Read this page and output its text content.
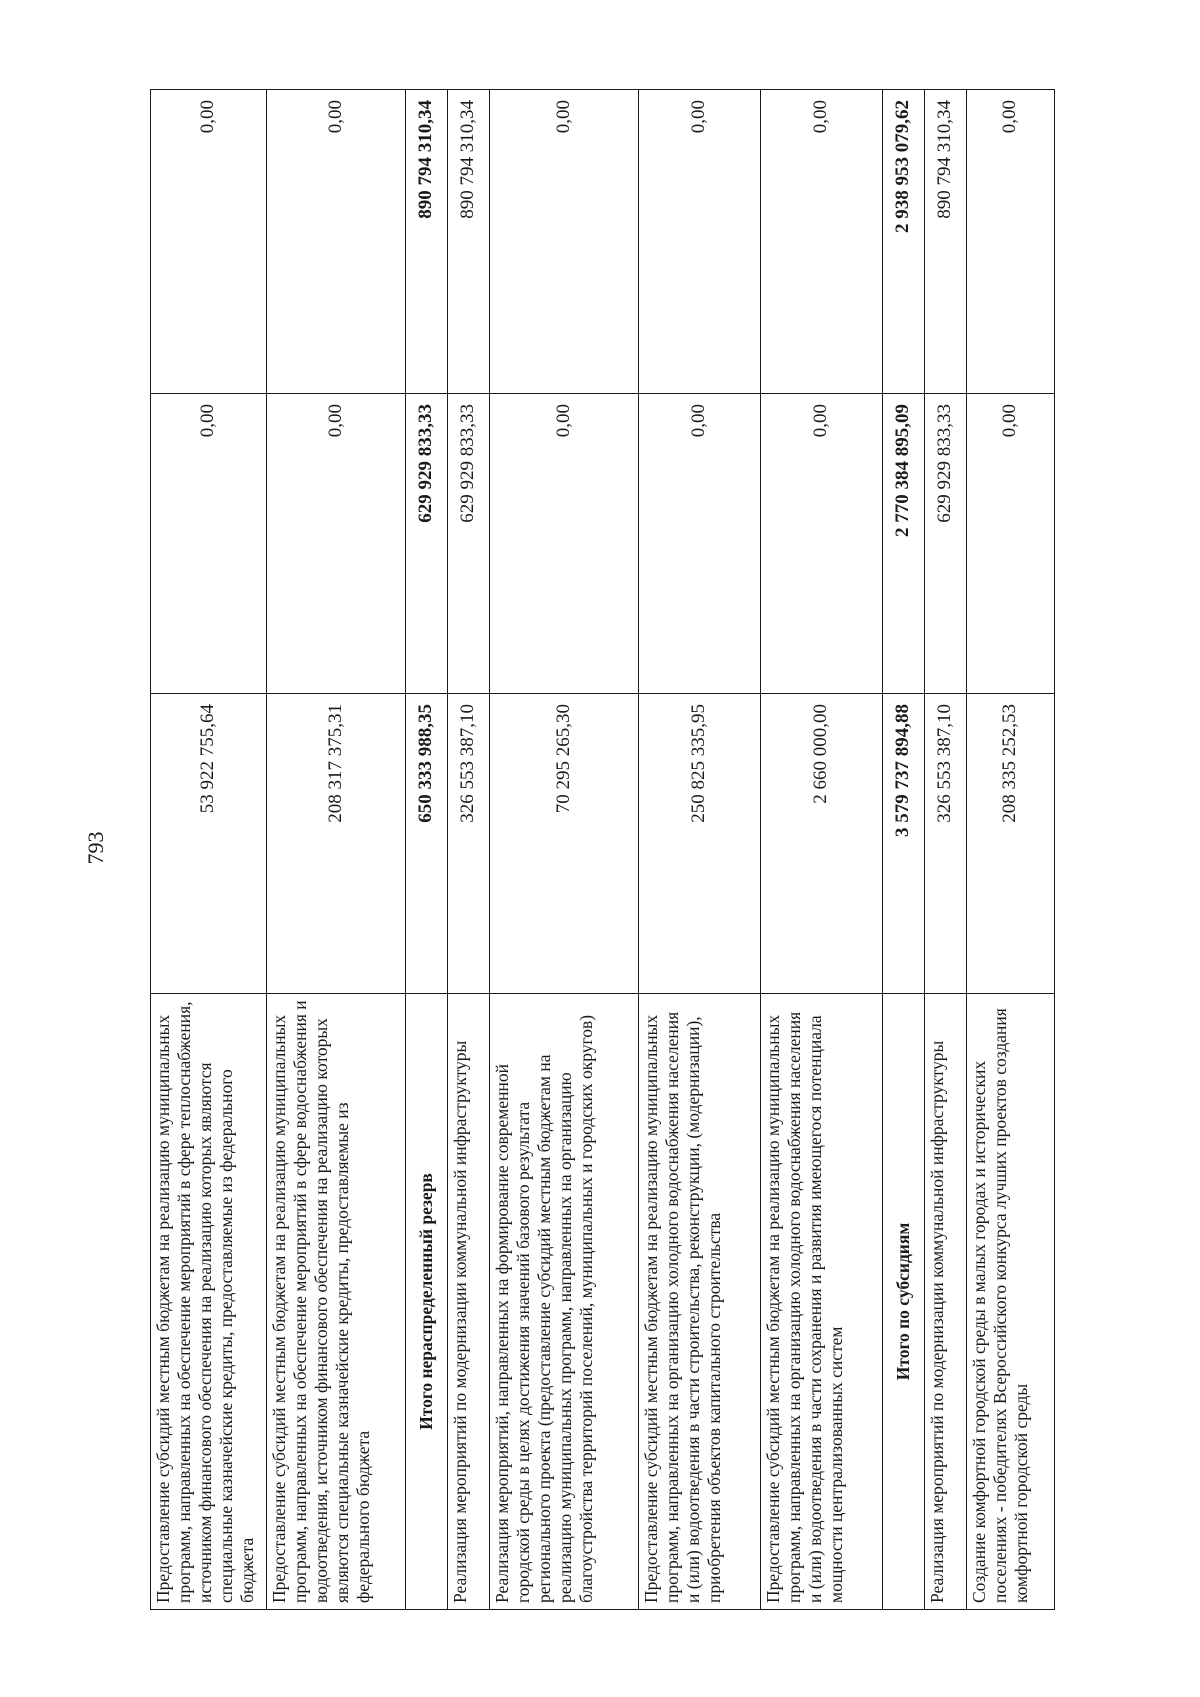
793
Предоставление субсидий местным бюджетам на реализацию муниципальных программ, направленных на обеспечение мероприятий в сфере теплоснабжения, источником финансового обеспечения на реализацию которых являются специальные казначейские кредиты, предоставляемые из федерального бюджета	53 922 755,64	0,00	0,00
Предоставление субсидий местным бюджетам на реализацию муниципальных программ, направленных на обеспечение мероприятий в сфере водоснабжения и водоотведения, источником финансового обеспечения на реализацию которых являются специальные казначейские кредиты, предоставляемые из федерального бюджета	208 317 375,31	0,00	0,00
Итого нераспределенный резерв	650 333 988,35	629 929 833,33	890 794 310,34
Реализация мероприятий по модернизации коммунальной инфраструктуры	326 553 387,10	629 929 833,33	890 794 310,34
Реализация мероприятий, направленных на формирование современной городской среды в целях достижения значений базового результата регионального проекта (предоставление субсидий местным бюджетам на реализацию муниципальных программ, направленных на организацию благоустройства территорий поселений, муниципальных и городских округов)	70 295 265,30	0,00	0,00
Предоставление субсидий местным бюджетам на реализацию муниципальных программ, направленных на организацию холодного водоснабжения населения и (или) водоотведения в части строительства, реконструкции, (модернизации), приобретения объектов капитального строительства	250 825 335,95	0,00	0,00
Предоставление субсидий местным бюджетам на реализацию муниципальных программ, направленных на организацию холодного водоснабжения населения и (или) водоотведения в части сохранения и развития имеющегося потенциала мощности централизованных систем	2 660 000,00	0,00	0,00
Итого по субсидиям	3 579 737 894,88	2 770 384 895,09	2 938 953 079,62
Реализация мероприятий по модернизации коммунальной инфраструктуры	326 553 387,10	629 929 833,33	890 794 310,34
Создание комфортной городской среды в малых городах и исторических поселениях - победителях Всероссийского конкурса лучших проектов создания комфортной городской среды	208 335 252,53	0,00	0,00
